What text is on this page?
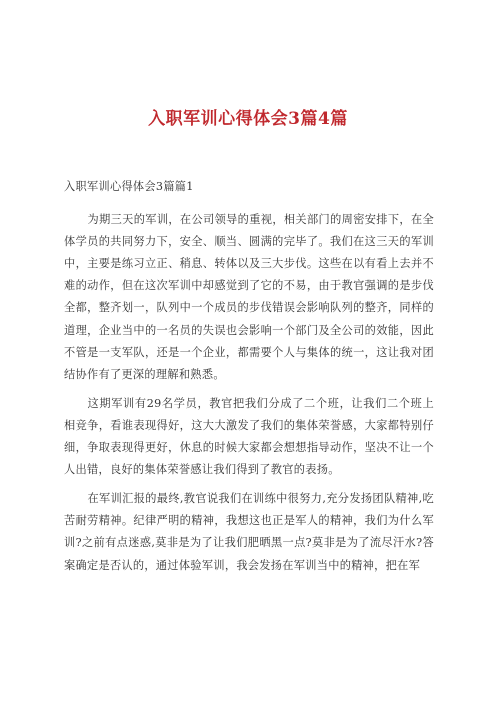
入职军训心得体会3篇4篇

入职军训心得体会3篇篇1

为期三天的军训，在公司领导的重视，相关部门的周密安排下，在全体学员的共同努力下，安全、顺当、圆满的完毕了。我们在这三天的军训中，主要是练习立正、稍息、转体以及三大步伐。这些在以有看上去并不难的动作，但在这次军训中却感觉到了它的不易，由于教官强调的是步伐全都，整齐划一，队列中一个成员的步伐错误会影响队列的整齐，同样的道理，企业当中的一名员的失误也会影响一个部门及全公司的效能，因此不管是一支军队，还是一个企业，都需要个人与集体的统一，这让我对团结协作有了更深的理解和熟悉。

这期军训有29名学员，教官把我们分成了二个班，让我们二个班上相竞争，看谁表现得好，这大大激发了我们的集体荣誉感，大家都特别仔细，争取表现得更好，休息的时候大家都会想想指导动作，坚决不让一个人出错，良好的集体荣誉感让我们得到了教官的表扬。

在军训汇报的最终,教官说我们在训练中很努力,充分发扬团队精神,吃苦耐劳精神。纪律严明的精神，我想这也正是军人的精神，我们为什么军训?之前有点迷惑,莫非是为了让我们肥晒黑一点?莫非是为了流尽汗水?答案确定是否认的，通过体验军训，我会发扬在军训当中的精神，把在军
